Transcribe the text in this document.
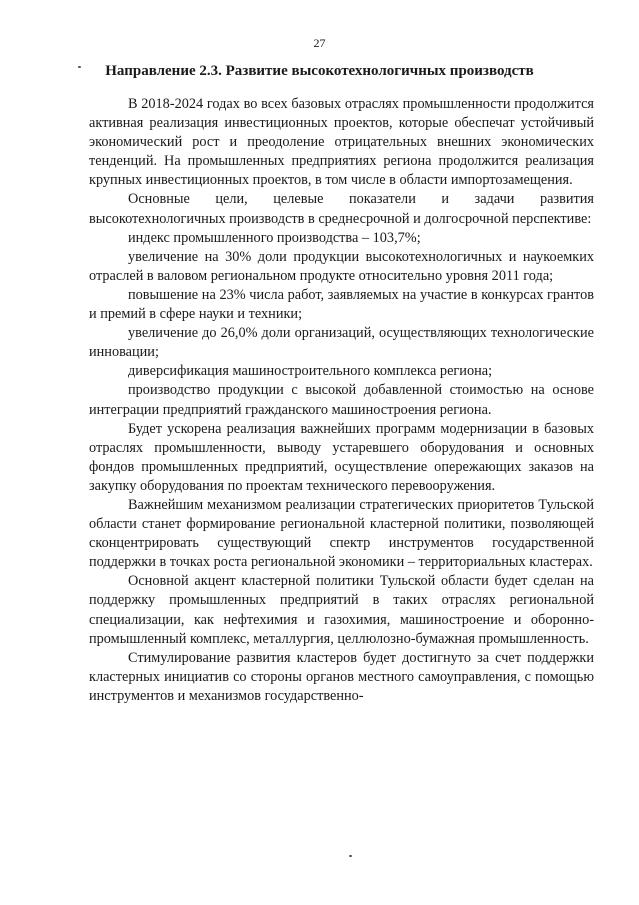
27
Направление 2.3. Развитие высокотехнологичных производств

В 2018-2024 годах во всех базовых отраслях промышленности продолжится активная реализация инвестиционных проектов, которые обеспечат устойчивый экономический рост и преодоление отрицательных внешних экономических тенденций. На промышленных предприятиях региона продолжится реализация крупных инвестиционных проектов, в том числе в области импортозамещения.

Основные цели, целевые показатели и задачи развития высокотехнологичных производств в среднесрочной и долгосрочной перспективе:

индекс промышленного производства – 103,7%;

увеличение на 30% доли продукции высокотехнологичных и наукоемких отраслей в валовом региональном продукте относительно уровня 2011 года;

повышение на 23% числа работ, заявляемых на участие в конкурсах грантов и премий в сфере науки и техники;

увеличение до 26,0% доли организаций, осуществляющих технологические инновации;

диверсификация машиностроительного комплекса региона;

производство продукции с высокой добавленной стоимостью на основе интеграции предприятий гражданского машиностроения региона.

Будет ускорена реализация важнейших программ модернизации в базовых отраслях промышленности, выводу устаревшего оборудования и основных фондов промышленных предприятий, осуществление опережающих заказов на закупку оборудования по проектам технического перевооружения.

Важнейшим механизмом реализации стратегических приоритетов Тульской области станет формирование региональной кластерной политики, позволяющей сконцентрировать существующий спектр инструментов государственной поддержки в точках роста региональной экономики – территориальных кластерах.

Основной акцент кластерной политики Тульской области будет сделан на поддержку промышленных предприятий в таких отраслях региональной специализации, как нефтехимия и газохимия, машиностроение и оборонно-промышленный комплекс, металлургия, целлюлозно-бумажная промышленность.

Стимулирование развития кластеров будет достигнуто за счет поддержки кластерных инициатив со стороны органов местного самоуправления, с помощью инструментов и механизмов государственно-
